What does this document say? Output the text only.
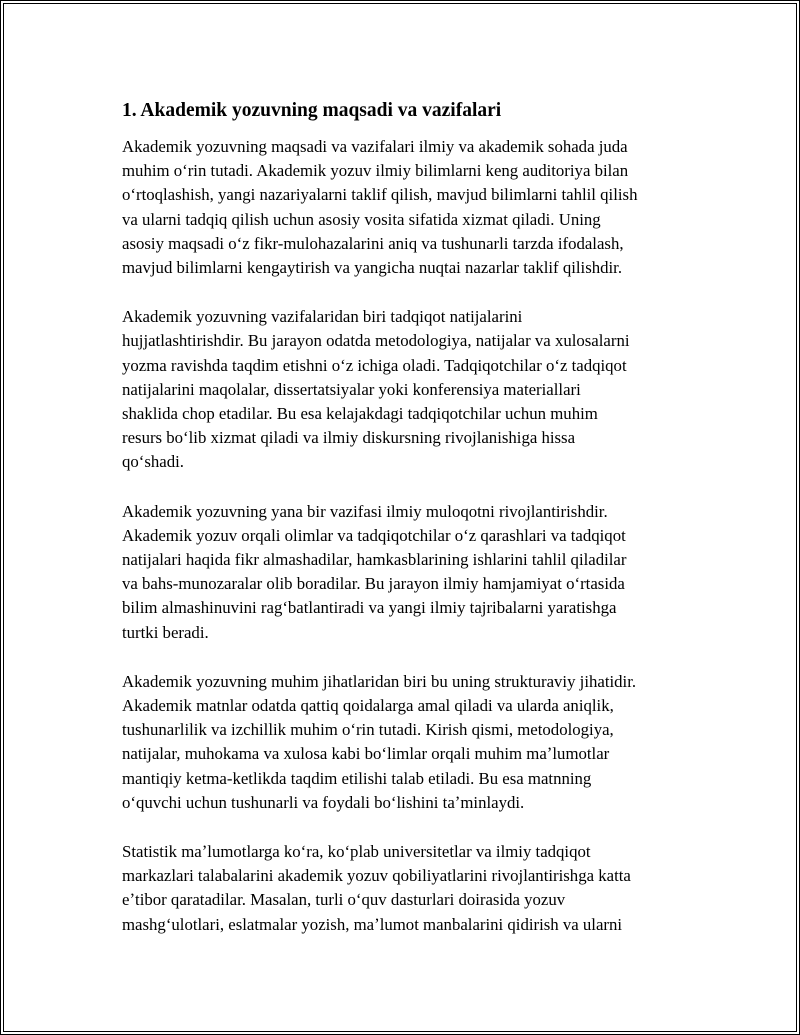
1. Akademik yozuvning maqsadi va vazifalari

Akademik yozuvning maqsadi va vazifalari ilmiy va akademik sohada juda
muhim oʻrin tutadi. Akademik yozuv ilmiy bilimlarni keng auditoriya bilan
oʻrtoqlashish, yangi nazariyalarni taklif qilish, mavjud bilimlarni tahlil qilish
va ularni tadqiq qilish uchun asosiy vosita sifatida xizmat qiladi. Uning
asosiy maqsadi oʻz fikr-mulohazalarini aniq va tushunarli tarzda ifodalash,
mavjud bilimlarni kengaytirish va yangicha nuqtai nazarlar taklif qilishdir.

Akademik yozuvning vazifalaridan biri tadqiqot natijalarini
hujjatlashtirishdir. Bu jarayon odatda metodologiya, natijalar va xulosalarni
yozma ravishda taqdim etishni oʻz ichiga oladi. Tadqiqotchilar oʻz tadqiqot
natijalarini maqolalar, dissertatsiyalar yoki konferensiya materiallari
shaklida chop etadilar. Bu esa kelajakdagi tadqiqotchilar uchun muhim
resurs boʻlib xizmat qiladi va ilmiy diskursning rivojlanishiga hissa
qoʻshadi.

Akademik yozuvning yana bir vazifasi ilmiy muloqotni rivojlantirishdir.
Akademik yozuv orqali olimlar va tadqiqotchilar oʻz qarashlari va tadqiqot
natijalari haqida fikr almashadilar, hamkasblarining ishlarini tahlil qiladilar
va bahs-munozaralar olib boradilar. Bu jarayon ilmiy hamjamiyat oʻrtasida
bilim almashinuvini ragʻbatlantiradi va yangi ilmiy tajribalarni yaratishga
turtki beradi.

Akademik yozuvning muhim jihatlaridan biri bu uning strukturaviy jihatidir.
Akademik matnlar odatda qattiq qoidalarga amal qiladi va ularda aniqlik,
tushunarlilik va izchillik muhim oʻrin tutadi. Kirish qismi, metodologiya,
natijalar, muhokama va xulosa kabi boʻlimlar orqali muhim maʼlumotlar
mantiqiy ketma-ketlikda taqdim etilishi talab etiladi. Bu esa matnning
oʻquvchi uchun tushunarli va foydali boʻlishini taʼminlaydi.

Statistik maʼlumotlarga koʻra, koʻplab universitetlar va ilmiy tadqiqot
markazlari talabalarini akademik yozuv qobiliyatlarini rivojlantirishga katta
eʼtibor qaratadilar. Masalan, turli oʻquv dasturlari doirasida yozuv
mashgʻulotlari, eslatmalar yozish, maʼlumot manbalarini qidirish va ularni
